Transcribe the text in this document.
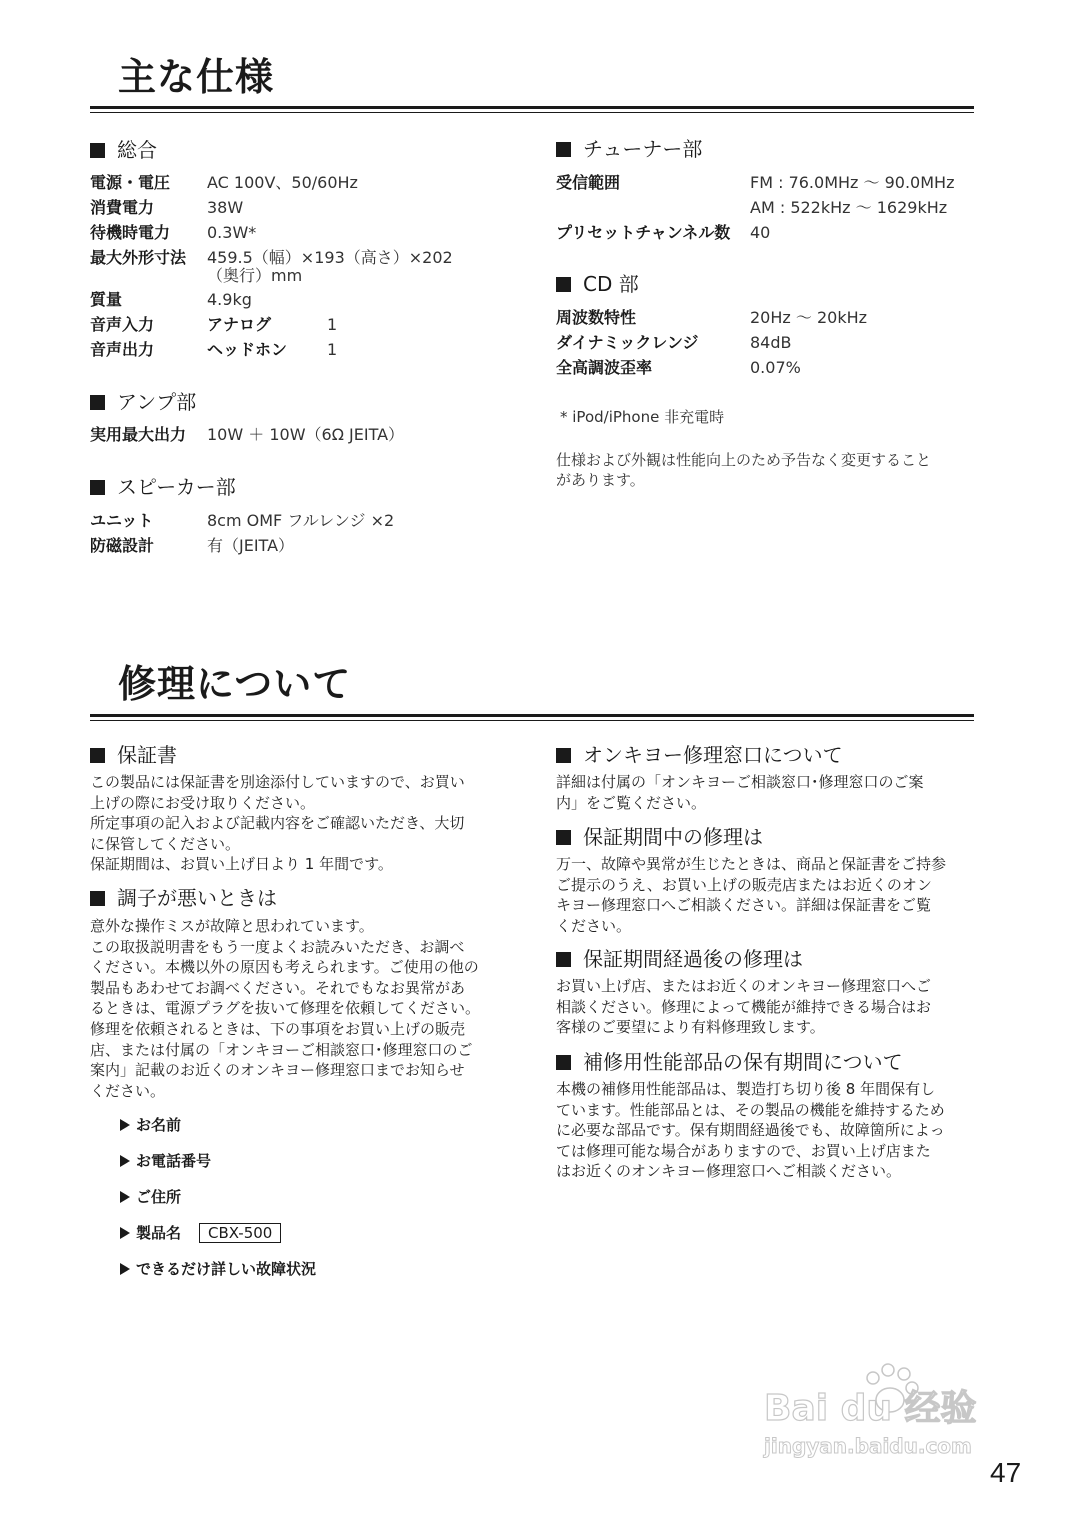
主な仕様
総合
電源・電圧 AC 100V、50/60Hz
消費電力	38W
待機時電力 0.3W*
最大外形寸法 459.5（幅）×193（高さ）×202
（奥行）mm
質量	4.9kg
音声入力	アナログ	1
音声出力	ヘッドホン 1
アンプ部
実用最大出力 10W ＋ 10W（6Ω JEITA）
スピーカー部
ユニット	8cm OMF フルレンジ ×2
防磁設計	有（JEITA）
チューナー部
受信範囲	FM : 76.0MHz ～ 90.0MHz
AM : 522kHz ～ 1629kHz
プリセットチャンネル数 40
CD 部
周波数特性	20Hz ～ 20kHz
ダイナミックレンジ	84dB
全高調波歪率	0.07%
* iPod/iPhone 非充電時
仕様および外観は性能向上のため予告なく変更すること
があります。
修理について
保証書

この製品には保証書を別途添付していますので、お買い

上げの際にお受け取りください。

所定事項の記入および記載内容をご確認いただき、大切

に保管してください。

保証期間は、お買い上げ日より 1 年間です。

調子が悪いときは

意外な操作ミスが故障と思われています。

この取扱説明書をもう一度よくお読みいただき、お調べ

ください。本機以外の原因も考えられます。ご使用の他の

製品もあわせてお調べください。それでもなお異常があ

るときは、電源プラグを抜いて修理を依頼してください。

修理を依頼されるときは、下の事項をお買い上げの販売

店、または付属の「オンキヨーご相談窓口･修理窓口のご

案内」記載のお近くのオンキヨー修理窓口までお知らせ

ください。

お名前
お電話番号
ご住所
製品名 CBX-500
できるだけ詳しい故障状況
オンキヨー修理窓口について

詳細は付属の「オンキヨーご相談窓口･修理窓口のご案

内」をご覧ください。

保証期間中の修理は

万一、故障や異常が生じたときは、商品と保証書をご持参

ご提示のうえ、お買い上げの販売店またはお近くのオン

キヨー修理窓口へご相談ください。詳細は保証書をご覧

ください。

保証期間経過後の修理は

お買い上げ店、またはお近くのオンキヨー修理窓口へご

相談ください。修理によって機能が維持できる場合はお

客様のご要望により有料修理致します。

補修用性能部品の保有期間について

本機の補修用性能部品は、製造打ち切り後 8 年間保有し

ています。性能部品とは、その製品の機能を維持するため

に必要な部品です。保有期間経過後でも、故障箇所によっ

ては修理可能な場合がありますので、お買い上げ店また

はお近くのオンキヨー修理窓口へご相談ください。

Bai du 经验
jingyan.baidu.com
47
